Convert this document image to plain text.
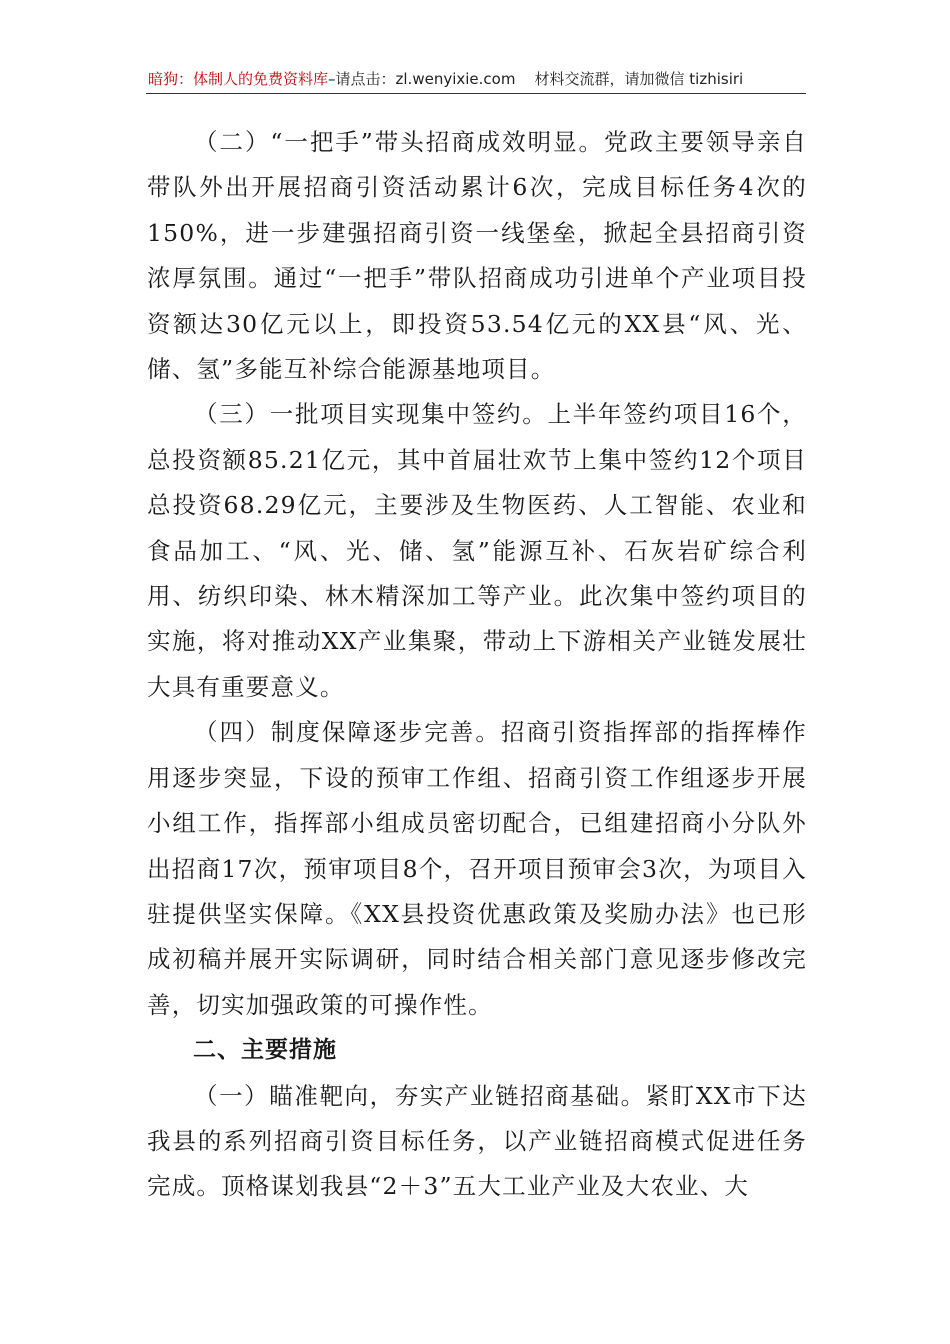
暗狗：体制人的免费资料库–请点击：zl.wenyixie.com 材料交流群，请加微信 tizhisiri

（二）“一把手”带头招商成效明显。党政主要领导亲自带队外出开展招商引资活动累计6次，完成目标任务4次的150%，进一步建强招商引资一线堡垒，掀起全县招商引资浓厚氛围。通过“一把手”带队招商成功引进单个产业项目投资额达30亿元以上，即投资53.54亿元的XX县“风、光、储、氢”多能互补综合能源基地项目。

（三）一批项目实现集中签约。上半年签约项目16个，总投资额85.21亿元，其中首届壮欢节上集中签约12个项目总投资68.29亿元，主要涉及生物医药、人工智能、农业和食品加工、“风、光、储、氢”能源互补、石灰岩矿综合利用、纺织印染、林木精深加工等产业。此次集中签约项目的实施，将对推动XX产业集聚，带动上下游相关产业链发展壮大具有重要意义。

（四）制度保障逐步完善。招商引资指挥部的指挥棒作用逐步突显，下设的预审工作组、招商引资工作组逐步开展小组工作，指挥部小组成员密切配合，已组建招商小分队外出招商17次，预审项目8个，召开项目预审会3次，为项目入驻提供坚实保障。《XX县投资优惠政策及奖励办法》也已形成初稿并展开实际调研，同时结合相关部门意见逐步修改完善，切实加强政策的可操作性。

二、主要措施

（一）瞄准靶向，夯实产业链招商基础。紧盯XX市下达我县的系列招商引资目标任务，以产业链招商模式促进任务完成。顶格谋划我县“2＋3”五大工业产业及大农业、大
